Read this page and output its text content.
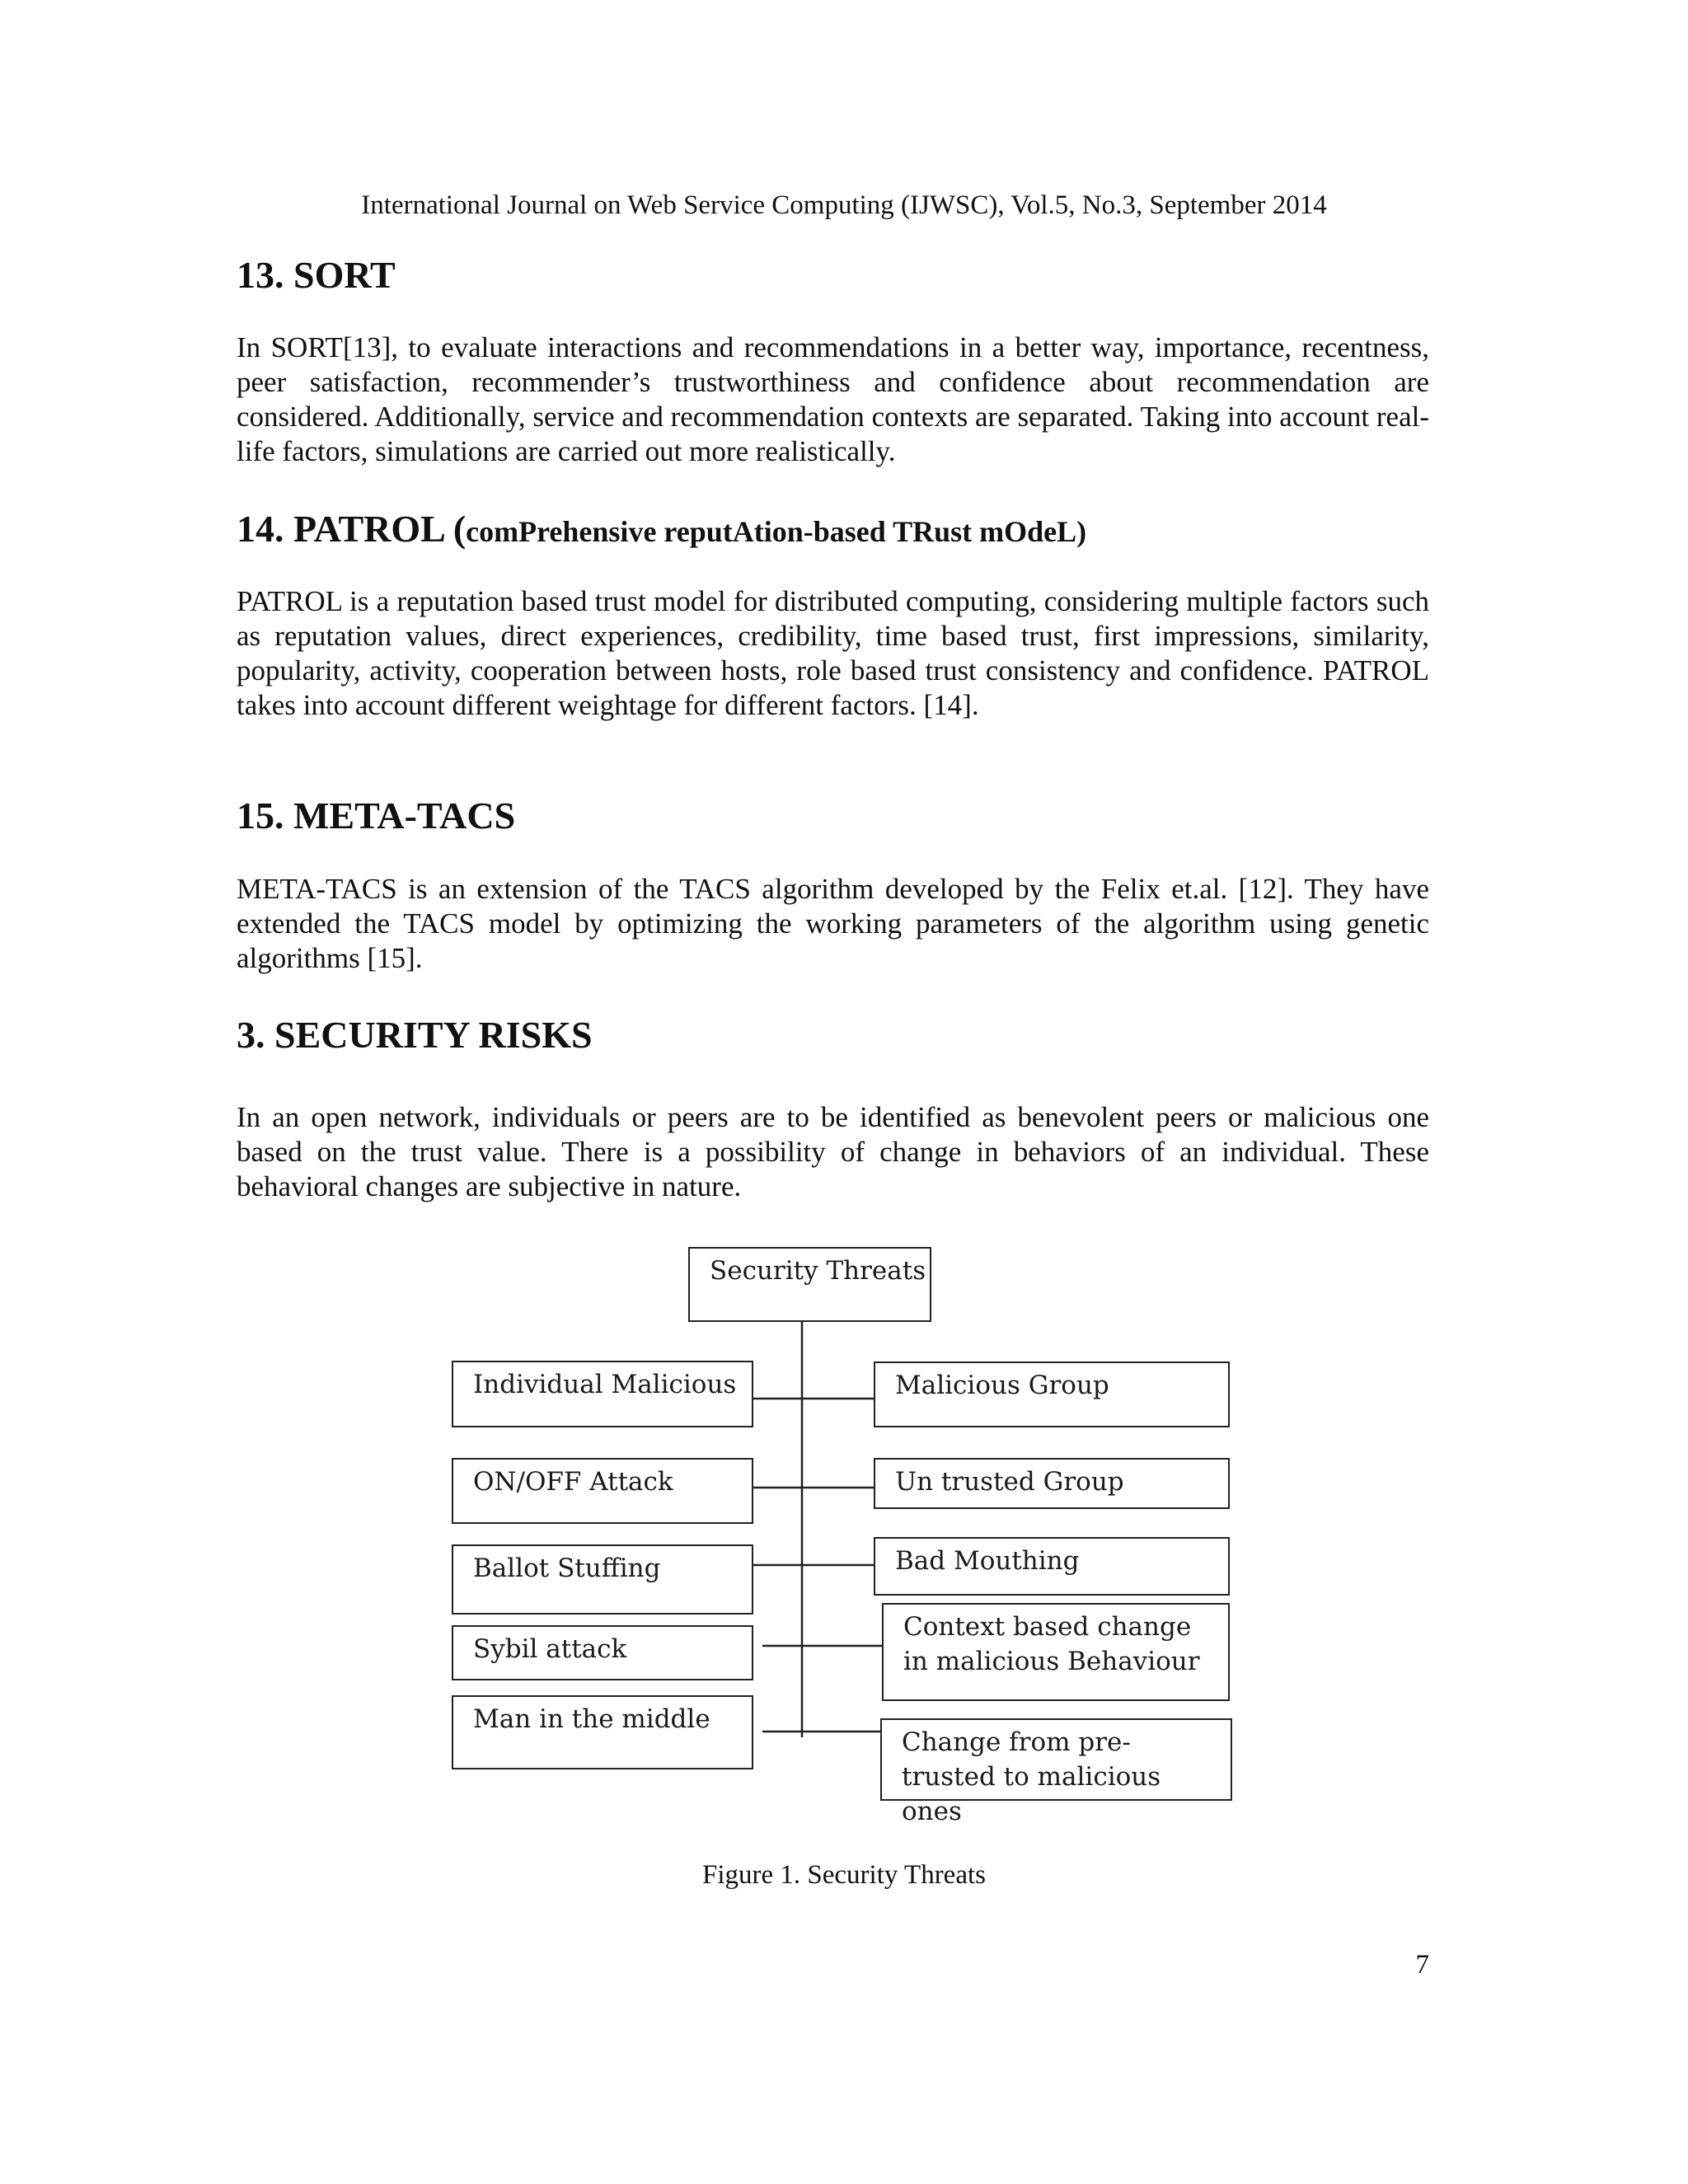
International Journal on Web Service Computing (IJWSC), Vol.5, No.3, September 2014
13. SORT

In SORT[13], to evaluate interactions and recommendations in a better way, importance, recentness, peer satisfaction, recommender’s trustworthiness and confidence about recommendation are considered. Additionally, service and recommendation contexts are separated. Taking into account real-life factors, simulations are carried out more realistically.

14. PATROL (comPrehensive reputAtion-based TRust mOdeL)

PATROL is a reputation based trust model for distributed computing, considering multiple factors such as reputation values, direct experiences, credibility, time based trust, first impressions, similarity, popularity, activity, cooperation between hosts, role based trust consistency and confidence. PATROL takes into account different weightage for different factors. [14].

15. META-TACS

META-TACS is an extension of the TACS algorithm developed by the Felix et.al. [12]. They have extended the TACS model by optimizing the working parameters of the algorithm using genetic algorithms [15].

3. SECURITY RISKS

In an open network, individuals or peers are to be identified as benevolent peers or malicious one based on the trust value. There is a possibility of change in behaviors of an individual. These behavioral changes are subjective in nature.

Security Threats
Individual Malicious
ON/OFF Attack
Ballot Stuffing
Sybil attack
Man in the middle
Malicious Group
Un trusted Group
Bad Mouthing
Context based change in malicious Behaviour
Change from pre-trusted to malicious ones
Figure 1. Security Threats
7
